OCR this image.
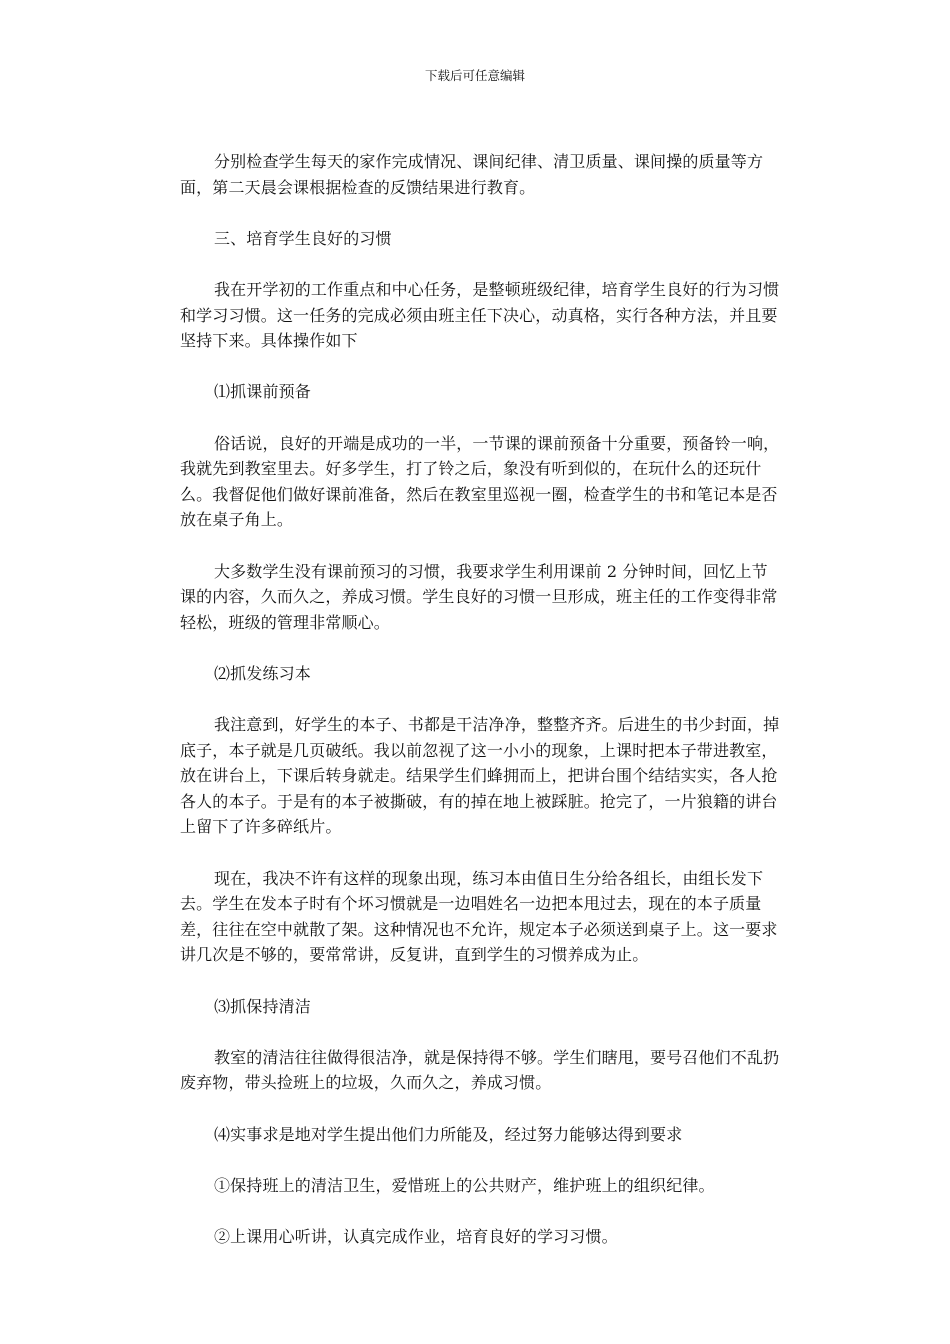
下载后可任意编辑

分别检查学生每天的家作完成情况、课间纪律、清卫质量、课间操的质量等方面，第二天晨会课根据检查的反馈结果进行教育。

三、培育学生良好的习惯

我在开学初的工作重点和中心任务，是整顿班级纪律，培育学生良好的行为习惯和学习习惯。这一任务的完成必须由班主任下决心，动真格，实行各种方法，并且要坚持下来。具体操作如下

⑴抓课前预备

俗话说，良好的开端是成功的一半，一节课的课前预备十分重要，预备铃一响，我就先到教室里去。好多学生，打了铃之后，象没有听到似的，在玩什么的还玩什么。我督促他们做好课前准备，然后在教室里巡视一圈，检查学生的书和笔记本是否放在桌子角上。

大多数学生没有课前预习的习惯，我要求学生利用课前 2 分钟时间，回忆上节课的内容，久而久之，养成习惯。学生良好的习惯一旦形成，班主任的工作变得非常轻松，班级的管理非常顺心。

⑵抓发练习本

我注意到，好学生的本子、书都是干洁净净，整整齐齐。后进生的书少封面，掉底子，本子就是几页破纸。我以前忽视了这一小小的现象，上课时把本子带进教室，放在讲台上，下课后转身就走。结果学生们蜂拥而上，把讲台围个结结实实，各人抢各人的本子。于是有的本子被撕破，有的掉在地上被踩脏。抢完了，一片狼籍的讲台上留下了许多碎纸片。

现在，我决不许有这样的现象出现，练习本由值日生分给各组长，由组长发下去。学生在发本子时有个坏习惯就是一边唱姓名一边把本甩过去，现在的本子质量差，往往在空中就散了架。这种情况也不允许，规定本子必须送到桌子上。这一要求讲几次是不够的，要常常讲，反复讲，直到学生的习惯养成为止。

⑶抓保持清洁

教室的清洁往往做得很洁净，就是保持得不够。学生们瞎甩，要号召他们不乱扔废弃物，带头捡班上的垃圾，久而久之，养成习惯。

⑷实事求是地对学生提出他们力所能及，经过努力能够达得到要求

①保持班上的清洁卫生，爱惜班上的公共财产，维护班上的组织纪律。

②上课用心听讲，认真完成作业，培育良好的学习习惯。
